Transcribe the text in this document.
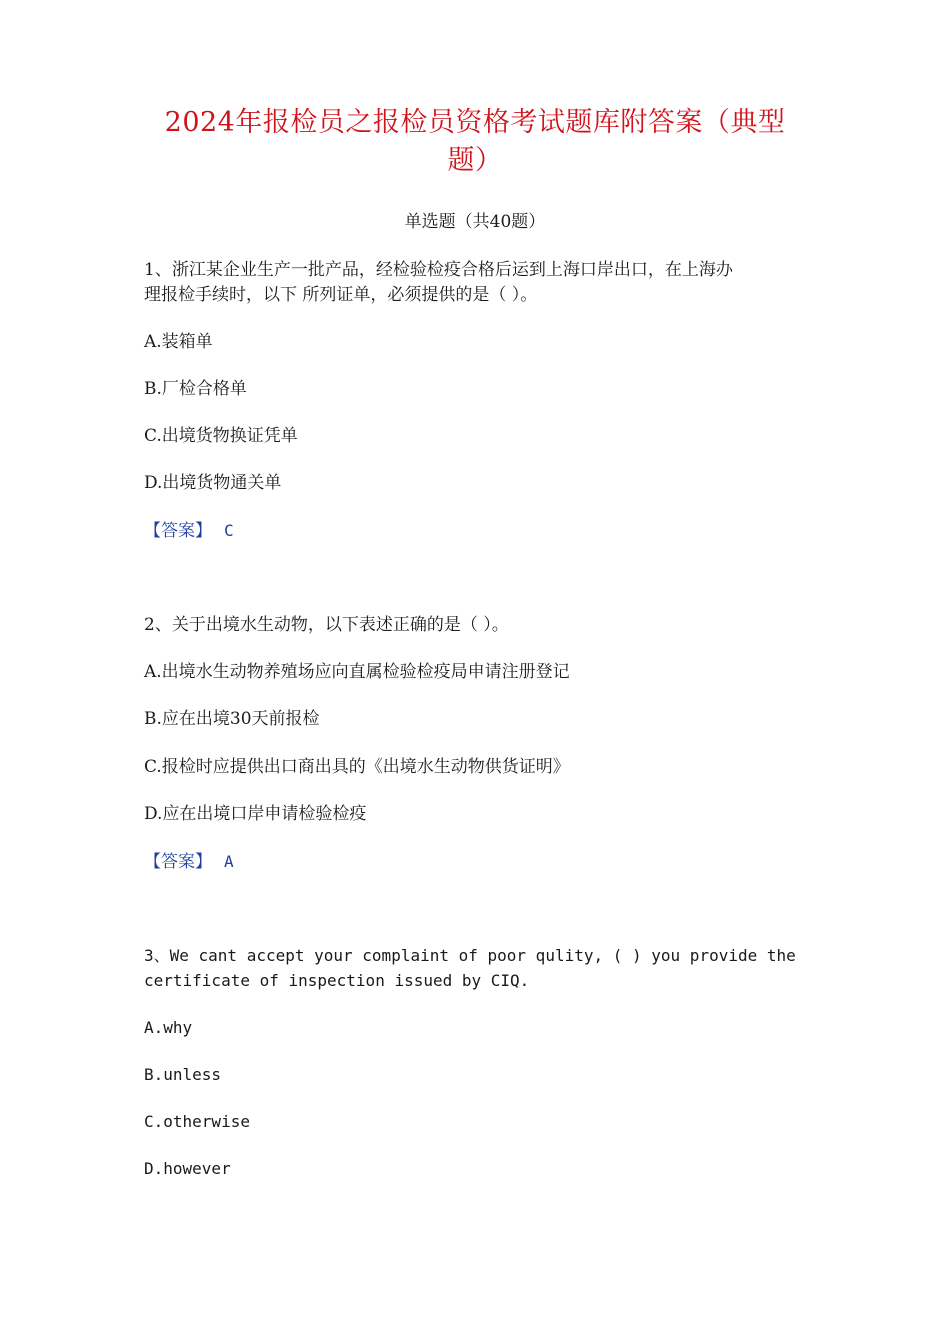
2024年报检员之报检员资格考试题库附答案（典型
题）
单选题（共40题）
1、浙江某企业生产一批产品，经检验检疫合格后运到上海口岸出口，在上海办
理报检手续时，以下 所列证单，必须提供的是（ ）。
A.装箱单
B.厂检合格单
C.出境货物换证凭单
D.出境货物通关单
【答案】 C
2、关于出境水生动物，以下表述正确的是（ ）。
A.出境水生动物养殖场应向直属检验检疫局申请注册登记
B.应在出境30天前报检
C.报检时应提供出口商出具的《出境水生动物供货证明》
D.应在出境口岸申请检验检疫
【答案】 A
3、We cant accept your complaint of poor qulity, ( ) you provide the
certificate of inspection issued by CIQ.
A.why
B.unless
C.otherwise
D.however
